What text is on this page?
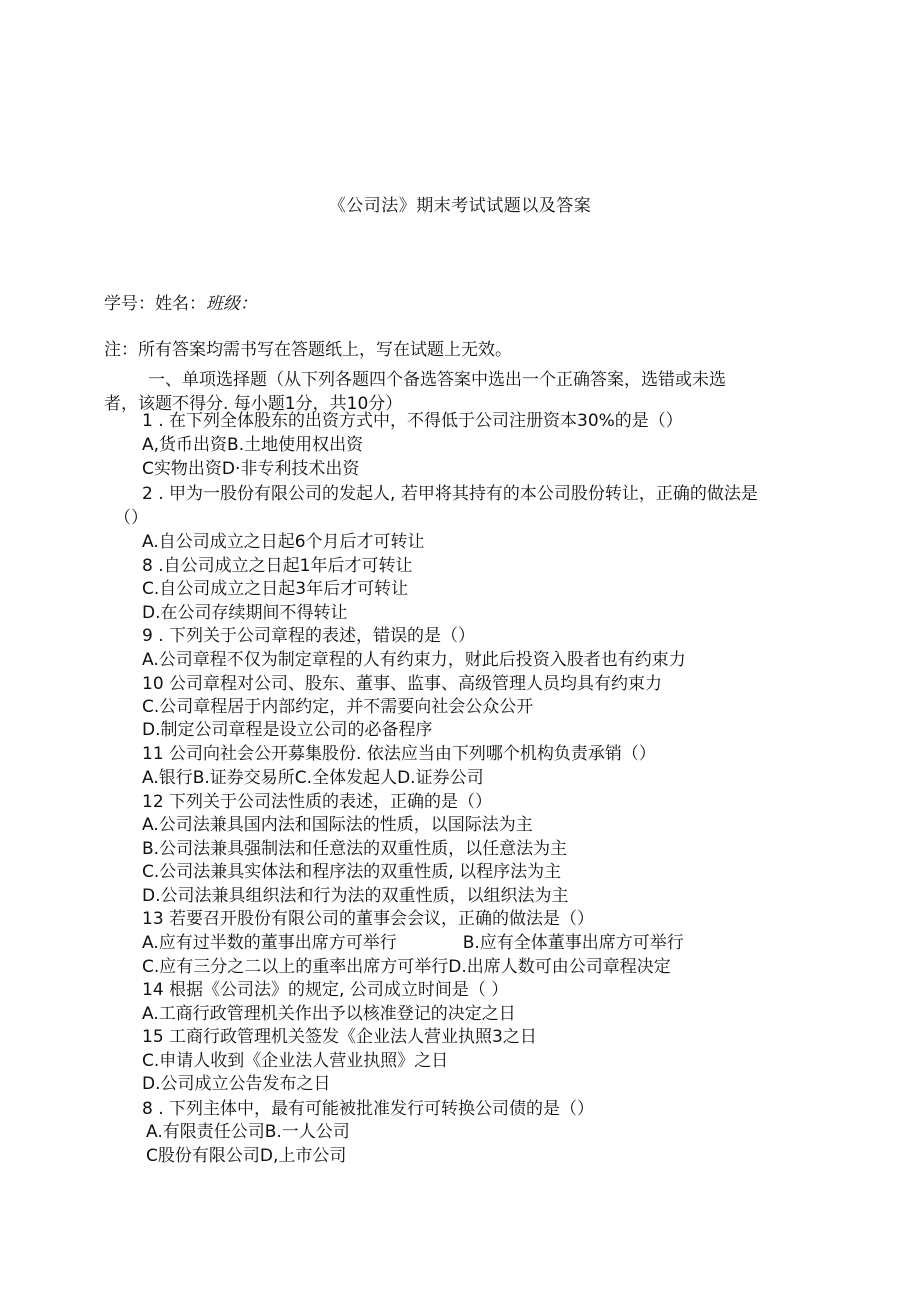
《公司法》期末考试试题以及答案
学号：姓名：班级：
注：所有答案均需书写在答题纸上，写在试题上无效。
一、单项选择题（从下列各题四个备选答案中选出一个正确答案，选错或未选
者，该题不得分. 每小题1分，共10分）
1 . 在下列全体股东的出资方式中，不得低于公司注册资本30%的是（）
A,货币出资B.土地使用权出资
C实物出资D·非专利技术出资
2 . 甲为一股份有限公司的发起人, 若甲将其持有的本公司股份转让，正确的做法是
（）
A.自公司成立之日起6个月后才可转让
8 .自公司成立之日起1年后才可转让
C.自公司成立之日起3年后才可转让
D.在公司存续期间不得转让
9 . 下列关于公司章程的表述，错误的是（）
A.公司章程不仅为制定章程的人有约束力，财此后投资入股者也有约束力
10 公司章程对公司、股东、董事、监事、高级管理人员均具有约束力
C.公司章程居于内部约定，并不需要向社会公众公开
D.制定公司章程是设立公司的必备程序
11 公司向社会公开募集股份. 依法应当由下列哪个机构负责承销（）
A.银行B.证券交易所C.全体发起人D.证券公司
12 下列关于公司法性质的表述，正确的是（）
A.公司法兼具国内法和国际法的性质，以国际法为主
B.公司法兼具强制法和任意法的双重性质，以任意法为主
C.公司法兼具实体法和程序法的双重性质, 以程序法为主
D.公司法兼具组织法和行为法的双重性质，以组织法为主
13 若要召开股份有限公司的董事会会议，正确的做法是（）
A.应有过半数的董事出席方可举行	B.应有全体董事出席方可举行
C.应有三分之二以上的重率出席方可举行D.出席人数可由公司章程决定
14 根据《公司法》的规定, 公司成立时间是（ ）
A.工商行政管理机关作出予以核准登记的决定之日
15 工商行政管理机关签发《企业法人营业执照3之日
C.申请人收到《企业法人营业执照》之日
D.公司成立公告发布之日
8 . 下列主体中，最有可能被批准发行可转换公司债的是（）
A.有限责任公司B.一人公司
C股份有限公司D,上市公司
